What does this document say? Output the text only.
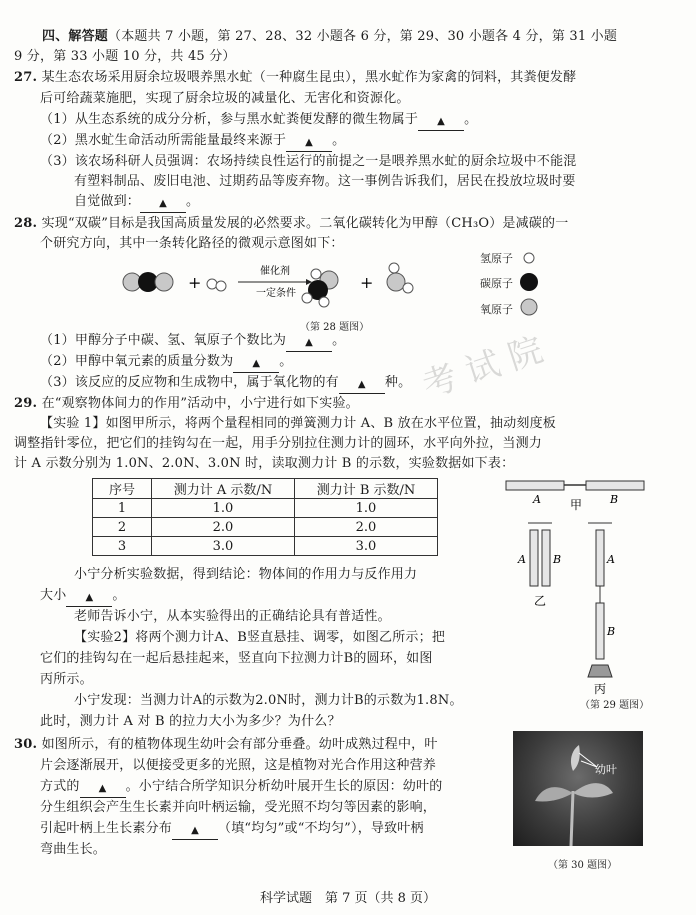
考 试 院
四、解答题（本题共 7 小题，第 27、28、32 小题各 6 分，第 29、30 小题各 4 分，第 31 小题
9 分，第 33 小题 10 分，共 45 分）
27. 某生态农场采用厨余垃圾喂养黑水虻（一种腐生昆虫），黑水虻作为家禽的饲料，其粪便发酵
后可给蔬菜施肥，实现了厨余垃圾的减量化、无害化和资源化。
（1）从生态系统的成分分析，参与黑水虻粪便发酵的微生物属于 ▲	。
（2）黑水虻生命活动所需能量最终来源于 ▲	。
（3）该农场科研人员强调：农场持续良性运行的前提之一是喂养黑水虻的厨余垃圾中不能混
有塑料制品、废旧电池、过期药品等废弃物。这一事例告诉我们，居民在投放垃圾时要
自觉做到： ▲	。
28. 实现“双碳”目标是我国高质量发展的必然要求。二氧化碳转化为甲醇（CH₃O）是减碳的一
个研究方向，其中一条转化路径的微观示意图如下：
+
催化剂
一定条件
+
氢原子
碳原子
氧原子
（第 28 题图）
（1）甲醇分子中碳、氢、氧原子个数比为 ▲	。
（2）甲醇中氧元素的质量分数为 ▲	。
（3）该反应的反应物和生成物中，属于氧化物的有 ▲	种。
29. 在“观察物体间力的作用”活动中，小宁进行如下实验。
【实验 1】如图甲所示，将两个量程相同的弹簧测力计 A、B 放在水平位置，抽动刻度板
调整指针零位，把它们的挂钩勾在一起，用手分别拉住测力计的圆环，水平向外拉，当测力
计 A 示数分别为 1.0N、2.0N、3.0N 时，读取测力计 B 的示数，实验数据如下表：
序号	测力计 A 示数/N	测力计 B 示数/N
1	1.0	1.0
2	2.0	2.0
3	3.0	3.0
小宁分析实验数据，得到结论：物体间的作用力与反作用力
大小 ▲	。
老师告诉小宁，从本实验得出的正确结论具有普适性。
【实验2】将两个测力计A、B竖直悬挂、调零，如图乙所示；把
它们的挂钩勾在一起后悬挂起来，竖直向下拉测力计B的圆环，如图
丙所示。
小宁发现：当测力计A的示数为2.0N时，测力计B的示数为1.8N。
此时，测力计 A 对 B 的拉力大小为多少？为什么？
A 甲	B
A B
乙
A
B
丙
（第 29 题图）
30. 如图所示，有的植物体现生幼叶会有部分垂叠。幼叶成熟过程中，叶
片会逐渐展开，以便接受更多的光照，这是植物对光合作用这种营养
方式的 ▲	。小宁结合所学知识分析幼叶展开生长的原因：幼叶的
分生组织会产生生长素并向叶柄运输，受光照不均匀等因素的影响，
引起叶柄上生长素分布 ▲	（填“均匀”或“不均匀”），导致叶柄
弯曲生长。
幼叶
（第 30 题图）
科学试题　第 7 页（共 8 页）
